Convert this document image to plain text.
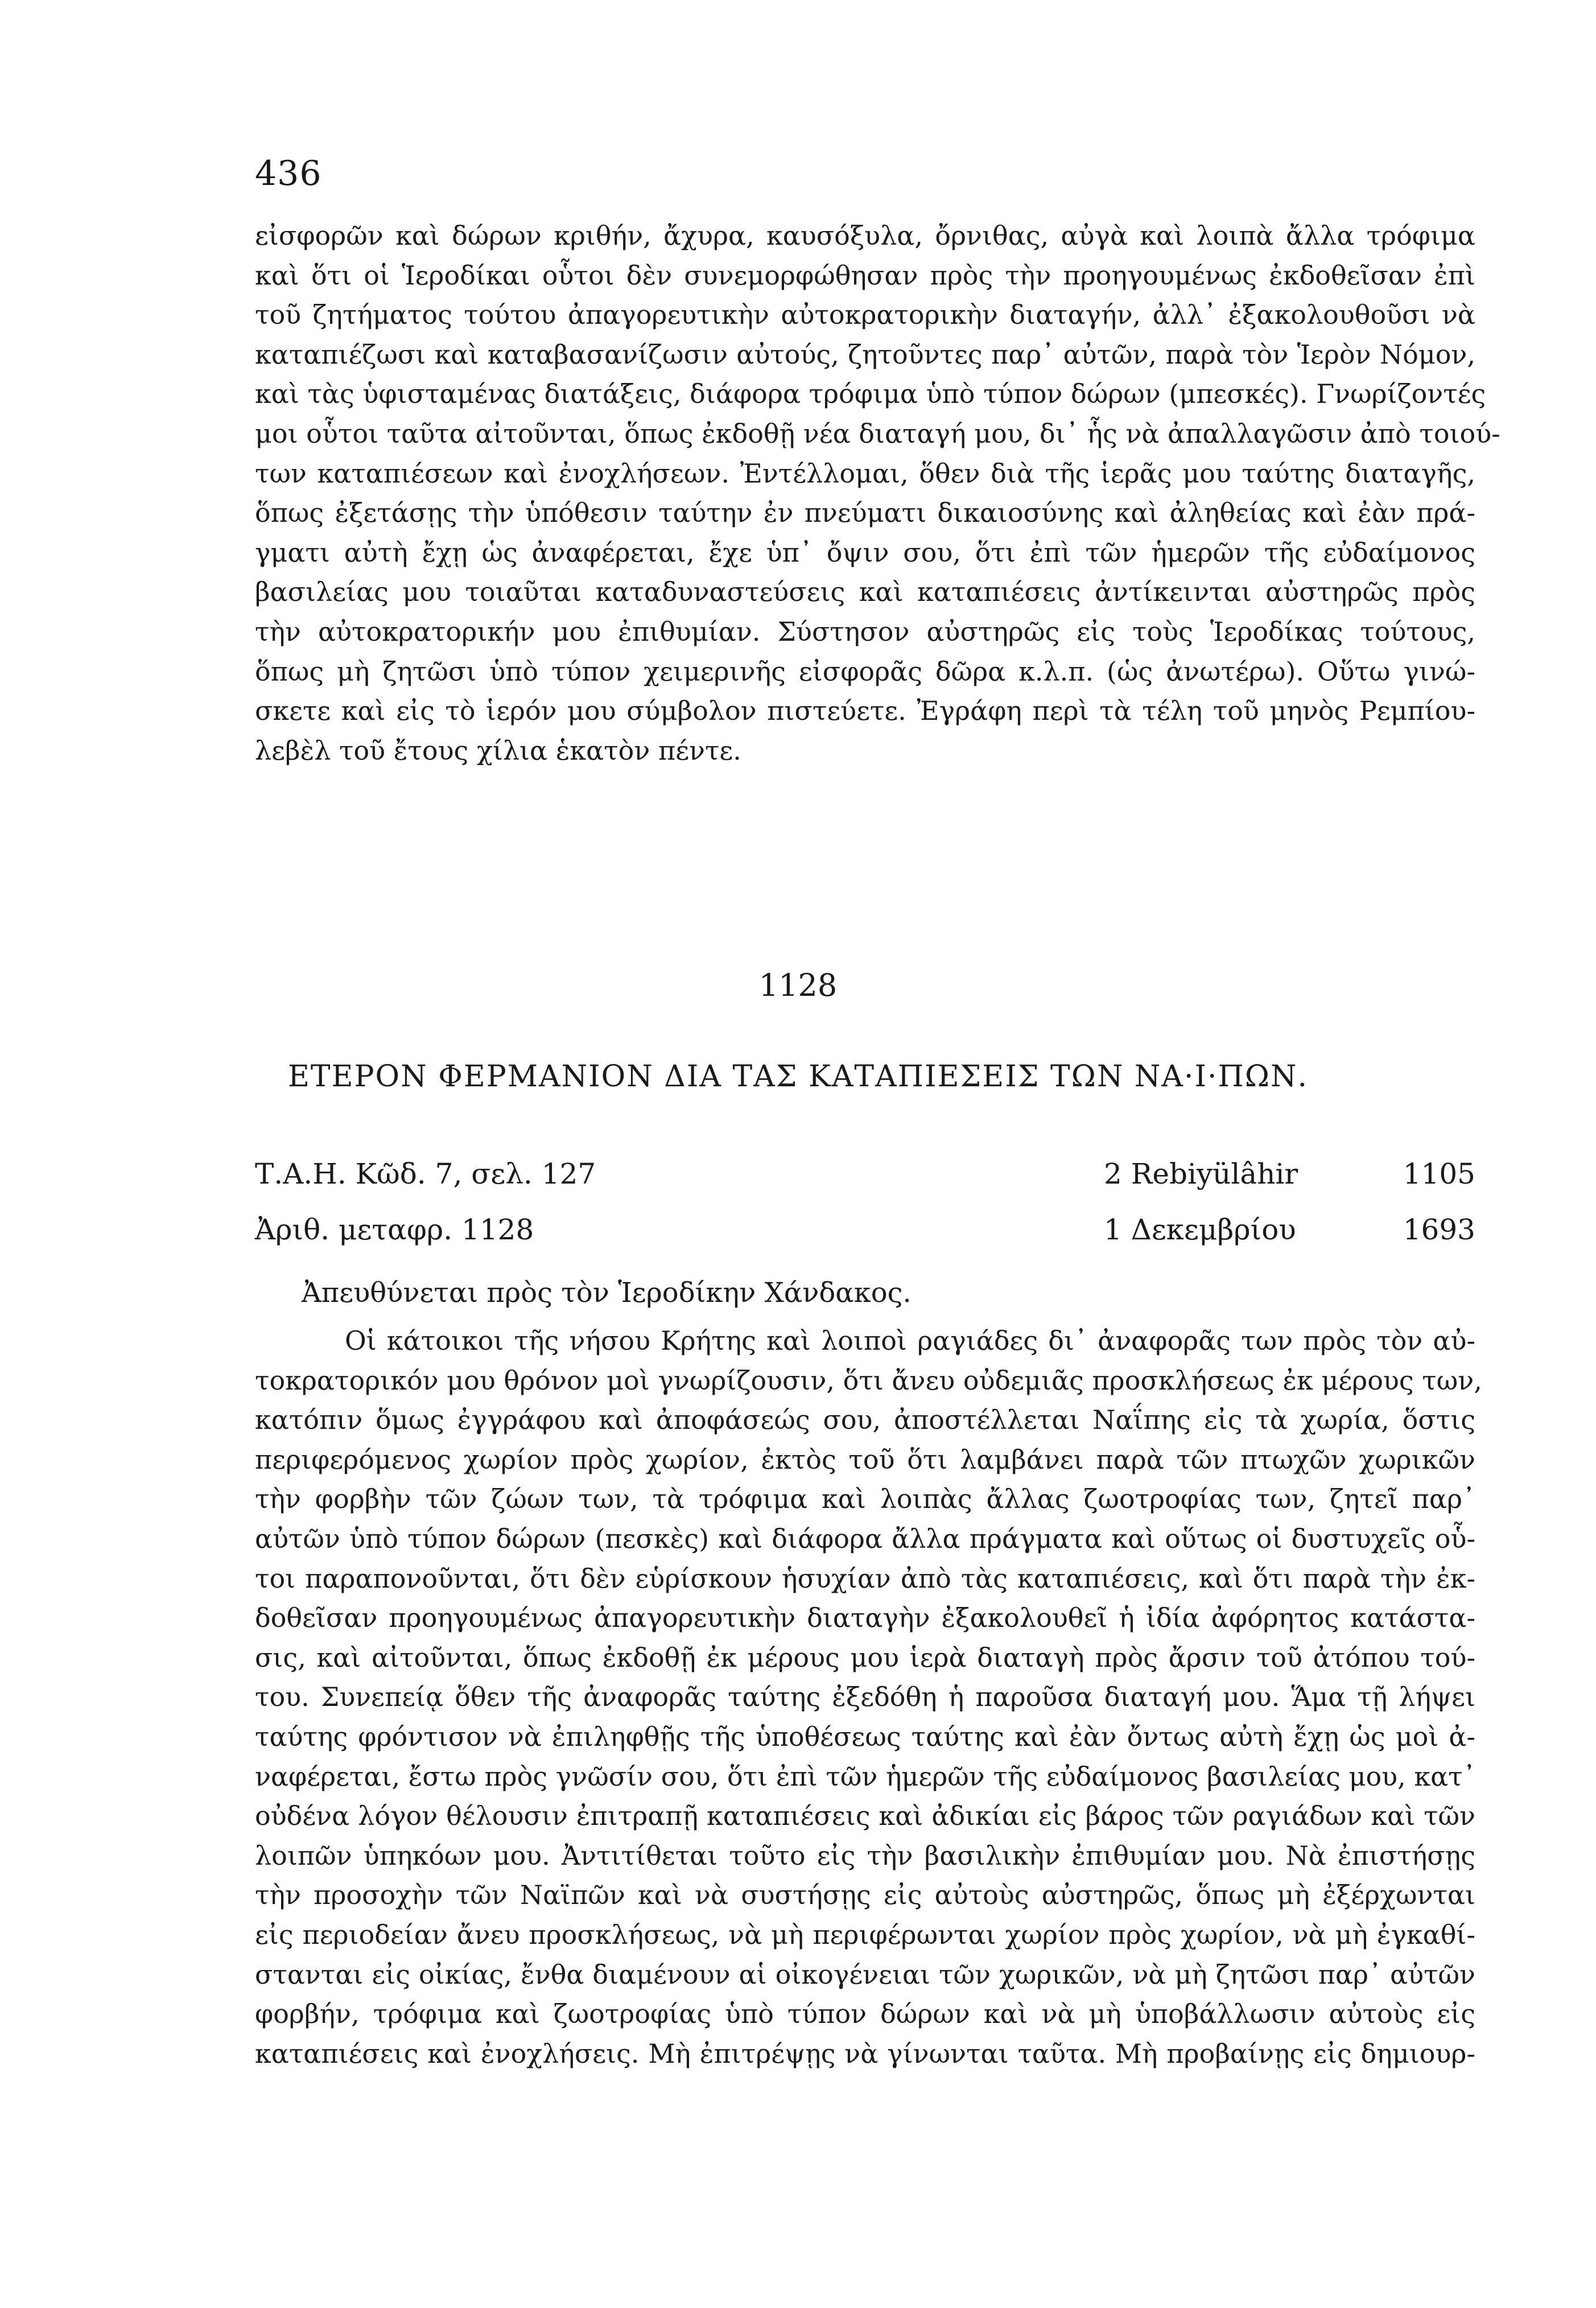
436
εἰσφορῶν καὶ δώρων κριθήν, ἄχυρα, καυσόξυλα, ὄρνιθας, αὐγὰ καὶ λοιπὰ ἄλλα τρόφιμα
καὶ ὅτι οἱ Ἱεροδίκαι οὗτοι δὲν συνεμορφώθησαν πρὸς τὴν προηγουμένως ἐκδοθεῖσαν ἐπὶ
τοῦ ζητήματος τούτου ἀπαγορευτικὴν αὐτοκρατορικὴν διαταγήν, ἀλλ᾿ ἐξακολουθοῦσι νὰ
καταπιέζωσι καὶ καταβασανίζωσιν αὐτούς, ζητοῦντες παρ᾿ αὐτῶν, παρὰ τὸν Ἱερὸν Νόμον,
καὶ τὰς ὑφισταμένας διατάξεις, διάφορα τρόφιμα ὑπὸ τύπον δώρων (μπεσκές). Γνωρίζοντές
μοι οὗτοι ταῦτα αἰτοῦνται, ὅπως ἐκδοθῇ νέα διαταγή μου, δι᾿ ἧς νὰ ἀπαλλαγῶσιν ἀπὸ τοιού-
των καταπιέσεων καὶ ἐνοχλήσεων. Ἐντέλλομαι, ὅθεν διὰ τῆς ἱερᾶς μου ταύτης διαταγῆς,
ὅπως ἐξετάσῃς τὴν ὑπόθεσιν ταύτην ἐν πνεύματι δικαιοσύνης καὶ ἀληθείας καὶ ἐὰν πρά-
γματι αὐτὴ ἔχῃ ὡς ἀναφέρεται, ἔχε ὑπ᾿ ὄψιν σου, ὅτι ἐπὶ τῶν ἡμερῶν τῆς εὐδαίμονος
βασιλείας μου τοιαῦται καταδυναστεύσεις καὶ καταπιέσεις ἀντίκεινται αὐστηρῶς πρὸς
τὴν αὐτοκρατορικήν μου ἐπιθυμίαν. Σύστησον αὐστηρῶς εἰς τοὺς Ἱεροδίκας τούτους,
ὅπως μὴ ζητῶσι ὑπὸ τύπον χειμερινῆς εἰσφορᾶς δῶρα κ.λ.π. (ὡς ἀνωτέρω). Οὕτω γινώ-
σκετε καὶ εἰς τὸ ἱερόν μου σύμβολον πιστεύετε. Ἐγράφη περὶ τὰ τέλη τοῦ μηνὸς Ρεμπίου-
λεβὲλ τοῦ ἔτους χίλια ἑκατὸν πέντε.
1128
ΕΤΕΡΟΝ ΦΕΡΜΑΝΙΟΝ ΔΙΑ ΤΑΣ ΚΑΤΑΠΙΕΣΕΙΣ ΤΩΝ ΝΑ·Ι·ΠΩΝ.
Τ.Α.Η. Κῶδ. 7, σελ. 127	2 Rebiyülâhir	1105
Ἀριθ. μεταφρ. 1128	1 Δεκεμβρίου	1693
Ἀπευθύνεται πρὸς τὸν Ἱεροδίκην Χάνδακος.
Οἱ κάτοικοι τῆς νήσου Κρήτης καὶ λοιποὶ ραγιάδες δι᾿ ἀναφορᾶς των πρὸς τὸν αὐ-
τοκρατορικόν μου θρόνον μοὶ γνωρίζουσιν, ὅτι ἄνευ οὐδεμιᾶς προσκλήσεως ἐκ μέρους των,
κατόπιν ὅμως ἐγγράφου καὶ ἀποφάσεώς σου, ἀποστέλλεται Ναΐπης εἰς τὰ χωρία, ὅστις
περιφερόμενος χωρίον πρὸς χωρίον, ἐκτὸς τοῦ ὅτι λαμβάνει παρὰ τῶν πτωχῶν χωρικῶν
τὴν φορβὴν τῶν ζώων των, τὰ τρόφιμα καὶ λοιπὰς ἄλλας ζωοτροφίας των, ζητεῖ παρ᾿
αὐτῶν ὑπὸ τύπον δώρων (πεσκὲς) καὶ διάφορα ἄλλα πράγματα καὶ οὕτως οἱ δυστυχεῖς οὗ-
τοι παραπονοῦνται, ὅτι δὲν εὑρίσκουν ἡσυχίαν ἀπὸ τὰς καταπιέσεις, καὶ ὅτι παρὰ τὴν ἐκ-
δοθεῖσαν προηγουμένως ἀπαγορευτικὴν διαταγὴν ἐξακολουθεῖ ἡ ἰδία ἀφόρητος κατάστα-
σις, καὶ αἰτοῦνται, ὅπως ἐκδοθῇ ἐκ μέρους μου ἱερὰ διαταγὴ πρὸς ἄρσιν τοῦ ἀτόπου τού-
του. Συνεπείᾳ ὅθεν τῆς ἀναφορᾶς ταύτης ἐξεδόθη ἡ παροῦσα διαταγή μου. Ἅμα τῇ λήψει
ταύτης φρόντισον νὰ ἐπιληφθῇς τῆς ὑποθέσεως ταύτης καὶ ἐὰν ὄντως αὐτὴ ἔχῃ ὡς μοὶ ἀ-
ναφέρεται, ἔστω πρὸς γνῶσίν σου, ὅτι ἐπὶ τῶν ἡμερῶν τῆς εὐδαίμονος βασιλείας μου, κατ᾿
οὐδένα λόγον θέλουσιν ἐπιτραπῇ καταπιέσεις καὶ ἀδικίαι εἰς βάρος τῶν ραγιάδων καὶ τῶν
λοιπῶν ὑπηκόων μου. Ἀντιτίθεται τοῦτο εἰς τὴν βασιλικὴν ἐπιθυμίαν μου. Νὰ ἐπιστήσῃς
τὴν προσοχὴν τῶν Ναϊπῶν καὶ νὰ συστήσῃς εἰς αὐτοὺς αὐστηρῶς, ὅπως μὴ ἐξέρχωνται
εἰς περιοδείαν ἄνευ προσκλήσεως, νὰ μὴ περιφέρωνται χωρίον πρὸς χωρίον, νὰ μὴ ἐγκαθί-
στανται εἰς οἰκίας, ἔνθα διαμένουν αἱ οἰκογένειαι τῶν χωρικῶν, νὰ μὴ ζητῶσι παρ᾿ αὐτῶν
φορβήν, τρόφιμα καὶ ζωοτροφίας ὑπὸ τύπον δώρων καὶ νὰ μὴ ὑποβάλλωσιν αὐτοὺς εἰς
καταπιέσεις καὶ ἐνοχλήσεις. Μὴ ἐπιτρέψῃς νὰ γίνωνται ταῦτα. Μὴ προβαίνῃς εἰς δημιουρ-
